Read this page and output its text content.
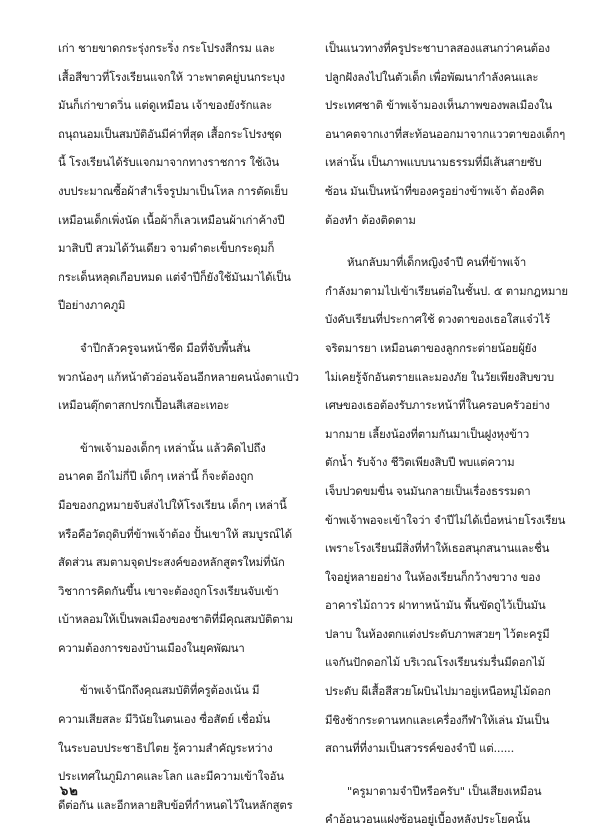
เก่า ชายขาดกระรุ่งกระริ่ง กระโปรงสีกรม และ
เสื้อสีขาวที่โรงเรียนแจกให้ วาะพาตคยู่บนกระบุง
มันก็เก่าขาดวิ่น แต่ดูเหมือน เจ้าของยังรักและ
ถนุถนอมเป็นสมบัติอันมีค่าที่สุด เสื้อกระโปรงชุด
นี้ โรงเรียนได้รับแจกมาจากทางราชการ ใช้เงิน
งบประมาณซื้อผ้าสำเร็จรูปมาเป็นโหล การตัดเย็บ
เหมือนเด็กเพิ่งนัด เนื้อผ้าก็เลวเหมือนผ้าเก่าค้างปี
มาสิบปี สวมได้วันเดียว จามดำตะเข็บกระดุมก็
กระเด็นหลุดเกือบหมด แต่จำปีก็ยังใช้มันมาได้เป็น
ปีอย่างภาคภูมิ
จำปีกลัวครูจนหน้าซีด มือที่จับพื้นสั่น
พวกน้องๆ แก้หน้าตัวอ่อนจ้อนอีกหลายคนนั่งตาแป๋ว
เหมือนตุ๊กตาสกปรกเปื้อนสีเสอะเทอะ
ข้าพเจ้ามองเด็กๆ เหล่านั้น แล้วคิดไปถึง
อนาคต อีกไม่กี่ปี เด็กๆ เหล่านี้ ก็จะต้องถูก
มือของกฎหมายจับส่งไปให้โรงเรียน เด็กๆ เหล่านี้
หรือคือวัตถุดิบที่ข้าพเจ้าต้อง ปั้นเขาให้ สมบูรณ์ได้
สัดส่วน สมตามจุดประสงค์ของหลักสูตรใหม่ที่นัก
วิชาการคิดกันขึ้น เขาจะต้องถูกโรงเรียนจับเข้า
เบ้าหลอมให้เป็นพลเมืองของชาติที่มีคุณสมบัติตาม
ความต้องการของบ้านเมืองในยุคพัฒนา
ข้าพเจ้านึกถึงคุณสมบัติที่ครูต้องเน้น มี
ความเสียสละ มีวินัยในตนเอง ซื่อสัตย์ เชื่อมั่น
ในระบอบประชาธิปไตย รู้ความสำคัญระหว่าง
ประเทศในภูมิภาคและโลก และมีความเข้าใจอัน
ดีต่อกัน และอีกหลายสิบข้อที่กำหนดไว้ในหลักสูตร
เป็นแนวทางที่ครูประชาบาลสองแสนกว่าคนต้อง
ปลูกฝังลงไปในตัวเด็ก เพื่อพัฒนากำลังคนและ
ประเทศชาติ ข้าพเจ้ามองเห็นภาพของพลเมืองใน
อนาคตจากเงาที่สะท้อนออกมาจากแววตาของเด็กๆ
เหล่านั้น เป็นภาพแบบนามธรรมที่มีเส้นสายซับ
ซ้อน มันเป็นหน้าที่ของครูอย่างข้าพเจ้า ต้องคิด
ต้องทำ ต้องติดตาม
หันกลับมาที่เด็กหญิงจำปี คนที่ข้าพเจ้า
กำลังมาตามไปเข้าเรียนต่อในชั้นป. ๕ ตามกฎหมาย
บังคับเรียนที่ประกาศใช้ ดวงตาของเธอใสแจ๋วไร้
จริตมารยา เหมือนตาของลูกกระต่ายน้อยผู้ยัง
ไม่เคยรู้จักอันตรายและมองภัย ในวัยเพียงสิบขวบ
เศษของเธอต้องรับภาระหน้าที่ในครอบครัวอย่าง
มากมาย เลี้ยงน้องที่ตามกันมาเป็นฝูงหุงข้าว
ตักน้ำ รับจ้าง ชีวิตเพียงสิบปี พบแต่ความ
เจ็บปวดขมขื่น จนมันกลายเป็นเรื่องธรรมดา
ข้าพเจ้าพอจะเข้าใจว่า จำปีไม่ได้เบื่อหน่ายโรงเรียน
เพราะโรงเรียนมีสิ่งที่ทำให้เธอสนุกสนานและชื่น
ใจอยู่หลายอย่าง ในห้องเรียนก็กว้างขวาง ของ
อาคารไม้ถาวร ฝาทาหน้ามัน พื้นขัดถูไว้เป็นมัน
ปลาบ ในห้องตกแต่งประดับภาพสวยๆ ไว้ตะครูมี
แจกันปักดอกไม้ บริเวณโรงเรียนร่มรื่นมีดอกไม้
ประดับ ผีเสื้อสีสวยโผบินไปมาอยู่เหนือหมู่ไม้ดอก
มีชิงช้ากระดานหกและเครื่องกีฬาให้เล่น มันเป็น
สถานที่ที่งามเป็นสวรรค์ของจำปี แต่......
"ครูมาตามจำปีหรือครับ" เป็นเสียงเหมือน
คำอ้อนวอนแฝงซ้อนอยู่เบื้องหลังประโยคนั้น
๖๒
